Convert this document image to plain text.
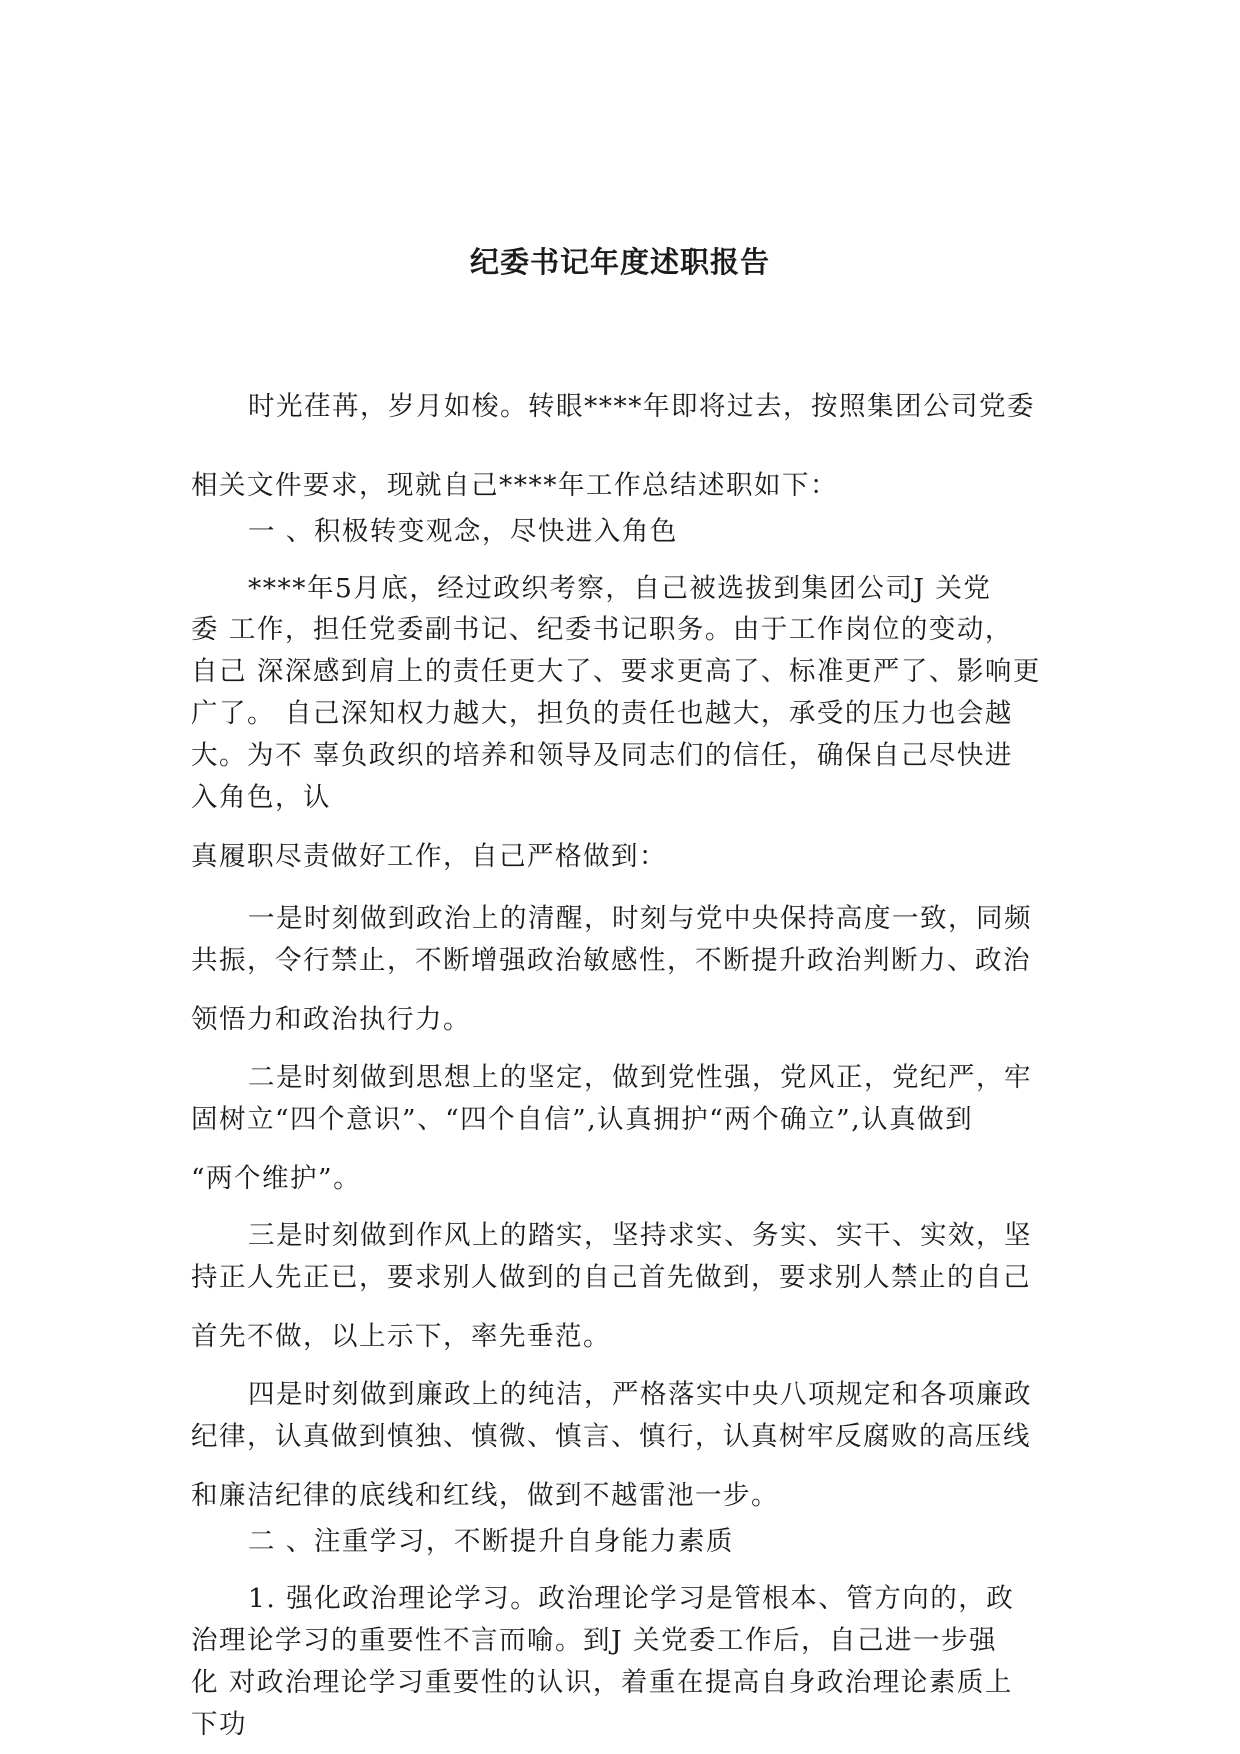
纪委书记年度述职报告
时光荏苒，岁月如梭。转眼****年即将过去，按照集团公司党委
相关文件要求，现就自己****年工作总结述职如下：
一 、积极转变观念，尽快进入角色
****年5月底，经过政织考察，自己被选拔到集团公司J 关党
委 工作，担任党委副书记、纪委书记职务。由于工作岗位的变动，
自己 深深感到肩上的责任更大了、要求更高了、标准更严了、影响更
广了。 自己深知权力越大，担负的责任也越大，承受的压力也会越
大。为不 辜负政织的培养和领导及同志们的信任，确保自己尽快进
入角色，认
真履职尽责做好工作，自己严格做到：
一是时刻做到政治上的清醒，时刻与党中央保持高度一致，同频
共振，令行禁止，不断增强政治敏感性，不断提升政治判断力、政治
领悟力和政治执行力。
二是时刻做到思想上的坚定，做到党性强，党风正，党纪严，牢
固树立“四个意识”、“四个自信”,认真拥护“两个确立”,认真做到
“两个维护”。
三是时刻做到作风上的踏实，坚持求实、务实、实干、实效，坚
持正人先正已，要求别人做到的自己首先做到，要求别人禁止的自己
首先不做，以上示下，率先垂范。
四是时刻做到廉政上的纯洁，严格落实中央八项规定和各项廉政
纪律，认真做到慎独、慎微、慎言、慎行，认真树牢反腐败的高压线
和廉洁纪律的底线和红线，做到不越雷池一步。
二 、注重学习，不断提升自身能力素质
1. 强化政治理论学习。政治理论学习是管根本、管方向的，政
治理论学习的重要性不言而喻。到J 关党委工作后，自己进一步强
化 对政治理论学习重要性的认识，着重在提高自身政治理论素质上
下功
